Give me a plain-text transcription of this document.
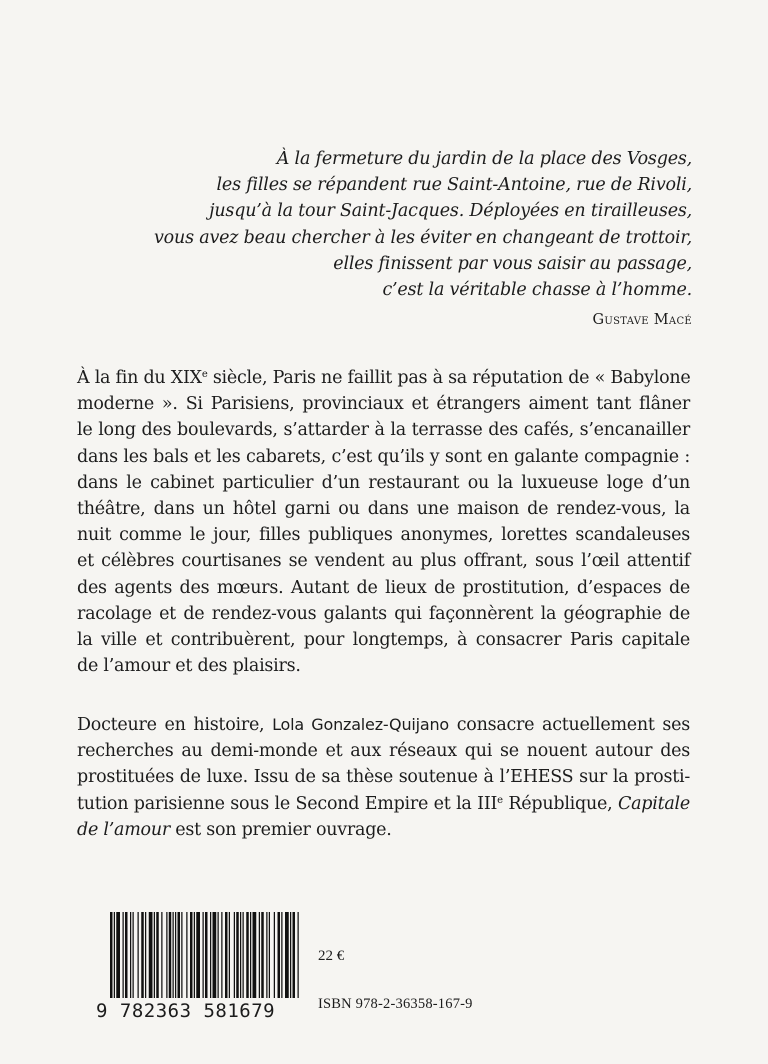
À la fermeture du jardin de la place des Vosges,
les filles se répandent rue Saint-Antoine, rue de Rivoli,
jusqu’à la tour Saint-Jacques. Déployées en tirailleuses,
vous avez beau chercher à les éviter en changeant de trottoir,
elles finissent par vous saisir au passage,
c’est la véritable chasse à l’homme.
Gustave Macé
À la fin du XIXe siècle, Paris ne faillit pas à sa réputation de « Babylone
moderne ». Si Parisiens, provinciaux et étrangers aiment tant flâner
le long des boulevards, s’attarder à la terrasse des cafés, s’encanailler
dans les bals et les cabarets, c’est qu’ils y sont en galante compagnie :
dans le cabinet particulier d’un restaurant ou la luxueuse loge d’un
théâtre, dans un hôtel garni ou dans une maison de rendez-vous, la
nuit comme le jour, filles publiques anonymes, lorettes scandaleuses
et célèbres courtisanes se vendent au plus offrant, sous l’œil attentif
des agents des mœurs. Autant de lieux de prostitution, d’espaces de
racolage et de rendez-vous galants qui façonnèrent la géographie de
la ville et contribuèrent, pour longtemps, à consacrer Paris capitale
de l’amour et des plaisirs.
Docteure en histoire, Lola Gonzalez-Quijano consacre actuellement ses
recherches au demi-monde et aux réseaux qui se nouent autour des
prostituées de luxe. Issu de sa thèse soutenue à l’EHESS sur la prosti-
tution parisienne sous le Second Empire et la IIIe République, Capitale
de l’amour est son premier ouvrage.
9 782363 581679
22 €
ISBN 978-2-36358-167-9
